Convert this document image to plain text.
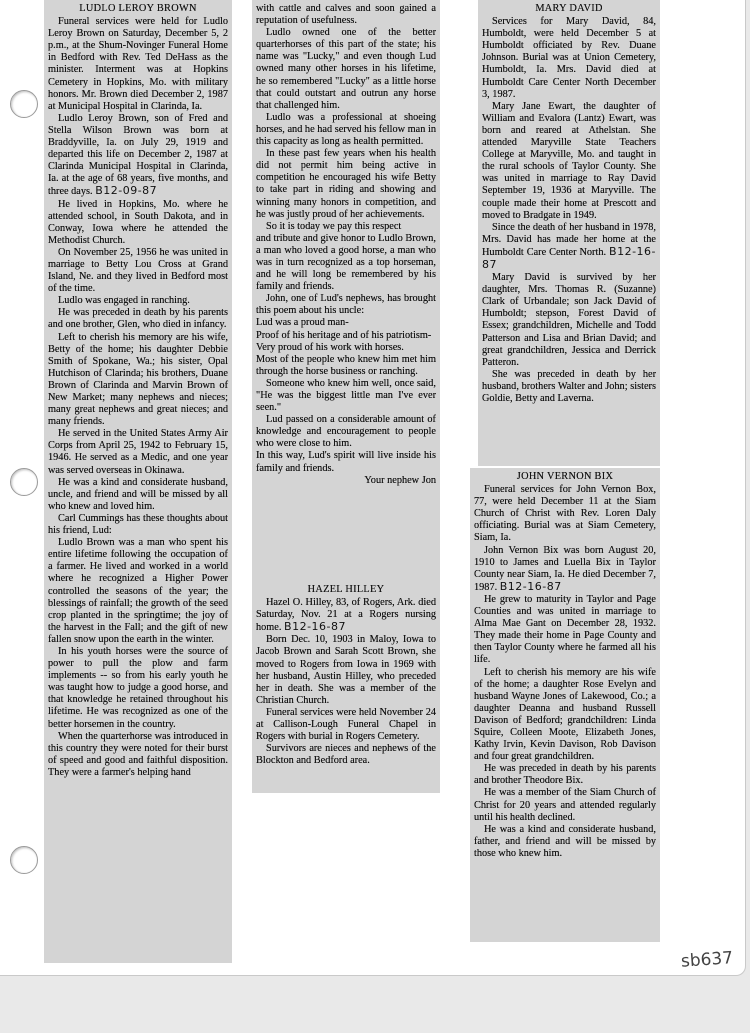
LUDLO LEROY BROWN

Funeral services were held for Ludlo Leroy Brown on Saturday, December 5, 2 p.m., at the Shum-Novinger Funeral Home in Bedford with Rev. Ted DeHass as the minister. Interment was at Hopkins Cemetery in Hopkins, Mo. with military honors. Mr. Brown died December 2, 1987 at Municipal Hospital in Clarinda, Ia.

Ludlo Leroy Brown, son of Fred and Stella Wilson Brown was born at Braddyville, Ia. on July 29, 1919 and departed this life on December 2, 1987 at Clarinda Municipal Hospital in Clarinda, Ia. at the age of 68 years, five months, and three days. B12-09-87

He lived in Hopkins, Mo. where he attended school, in South Dakota, and in Conway, Iowa where he attended the Methodist Church.

On November 25, 1956 he was united in marriage to Betty Lou Cross at Grand Island, Ne. and they lived in Bedford most of the time.

Ludlo was engaged in ranching.

He was preceded in death by his parents and one brother, Glen, who died in infancy.

Left to cherish his memory are his wife, Betty of the home; his daughter Debbie Smith of Spokane, Wa.; his sister, Opal Hutchison of Clarinda; his brothers, Duane Brown of Clarinda and Marvin Brown of New Market; many nephews and nieces; many great nephews and great nieces; and many friends.

He served in the United States Army Air Corps from April 25, 1942 to February 15, 1946. He served as a Medic, and one year was served overseas in Okinawa.

He was a kind and considerate husband, uncle, and friend and will be missed by all who knew and loved him.

Carl Cummings has these thoughts about his friend, Lud:

Ludlo Brown was a man who spent his entire lifetime following the occupation of a farmer. He lived and worked in a world where he recognized a Higher Power controlled the seasons of the year; the blessings of rainfall; the growth of the seed crop planted in the springtime; the joy of the harvest in the Fall; and the gift of new fallen snow upon the earth in the winter.

In his youth horses were the source of power to pull the plow and farm implements -- so from his early youth he was taught how to judge a good horse, and that knowledge he retained throughout his lifetime. He was recognized as one of the better horsemen in the country.

When the quarterhorse was introduced in this country they were noted for their burst of speed and good and faithful disposition. They were a farmer's helping hand

with cattle and calves and soon gained a reputation of usefulness.

Ludlo owned one of the better quarterhorses of this part of the state; his name was "Lucky," and even though Lud owned many other horses in his lifetime, he so remembered "Lucky" as a little horse that could outstart and outrun any horse that challenged him.

Ludlo was a professional at shoeing horses, and he had served his fellow man in this capacity as long as health permitted.

In these past few years when his health did not permit him being active in competition he encouraged his wife Betty to take part in riding and showing and winning many honors in competition, and he was justly proud of her achievements.

So it is today we pay this respect

and tribute and give honor to Ludlo Brown, a man who loved a good horse, a man who was in turn recognized as a top horseman, and he will long be remembered by his family and friends.

John, one of Lud's nephews, has brought this poem about his uncle:

Lud was a proud man-
Proof of his heritage and of his patriotism-
Very proud of his work with horses.
Most of the people who knew him met him through the horse business or ranching.

Someone who knew him well, once said, "He was the biggest little man I've ever seen."

Lud passed on a considerable amount of knowledge and encouragement to people who were close to him.

In this way, Lud's spirit will live inside his family and friends.

Your nephew Jon

HAZEL HILLEY

Hazel O. Hilley, 83, of Rogers, Ark. died Saturday, Nov. 21 at a Rogers nursing home. B12-16-87

Born Dec. 10, 1903 in Maloy, Iowa to Jacob Brown and Sarah Scott Brown, she moved to Rogers from Iowa in 1969 with her husband, Austin Hilley, who preceded her in death. She was a member of the Christian Church.

Funeral services were held November 24 at Callison-Lough Funeral Chapel in Rogers with burial in Rogers Cemetery.

Survivors are nieces and nephews of the Blockton and Bedford area.

MARY DAVID

Services for Mary David, 84, Humboldt, were held December 5 at Humboldt officiated by Rev. Duane Johnson. Burial was at Union Cemetery, Humboldt, Ia. Mrs. David died at Humboldt Care Center North December 3, 1987.

Mary Jane Ewart, the daughter of William and Evalora (Lantz) Ewart, was born and reared at Athelstan. She attended Maryville State Teachers College at Maryville, Mo. and taught in the rural schools of Taylor County. She was united in marriage to Ray David September 19, 1936 at Maryville. The couple made their home at Prescott and moved to Bradgate in 1949.

Since the death of her husband in 1978, Mrs. David has made her home at the Humboldt Care Center North. B12-16-87

Mary David is survived by her daughter, Mrs. Thomas R. (Suzanne) Clark of Urbandale; son Jack David of Humboldt; stepson, Forest David of Essex; grandchildren, Michelle and Todd Patterson and Lisa and Brian David; and great grandchildren, Jessica and Derrick Patteron.

She was preceded in death by her husband, brothers Walter and John; sisters Goldie, Betty and Laverna.

JOHN VERNON BIX

Funeral services for John Vernon Box, 77, were held December 11 at the Siam Church of Christ with Rev. Loren Daly officiating. Burial was at Siam Cemetery, Siam, Ia.

John Vernon Bix was born August 20, 1910 to James and Luella Bix in Taylor County near Siam, Ia. He died December 7, 1987. B12-16-87

He grew to maturity in Taylor and Page Counties and was united in marriage to Alma Mae Gant on December 28, 1932. They made their home in Page County and then Taylor County where he farmed all his life.

Left to cherish his memory are his wife of the home; a daughter Rose Evelyn and husband Wayne Jones of Lakewood, Co.; a daughter Deanna and husband Russell Davison of Bedford; grandchildren: Linda Squire, Colleen Moote, Elizabeth Jones, Kathy Irvin, Kevin Davison, Rob Davison and four great grandchildren.

He was preceded in death by his parents and brother Theodore Bix.

He was a member of the Siam Church of Christ for 20 years and attended regularly until his health declined.

He was a kind and considerate husband, father, and friend and will be missed by those who knew him.

sb637
